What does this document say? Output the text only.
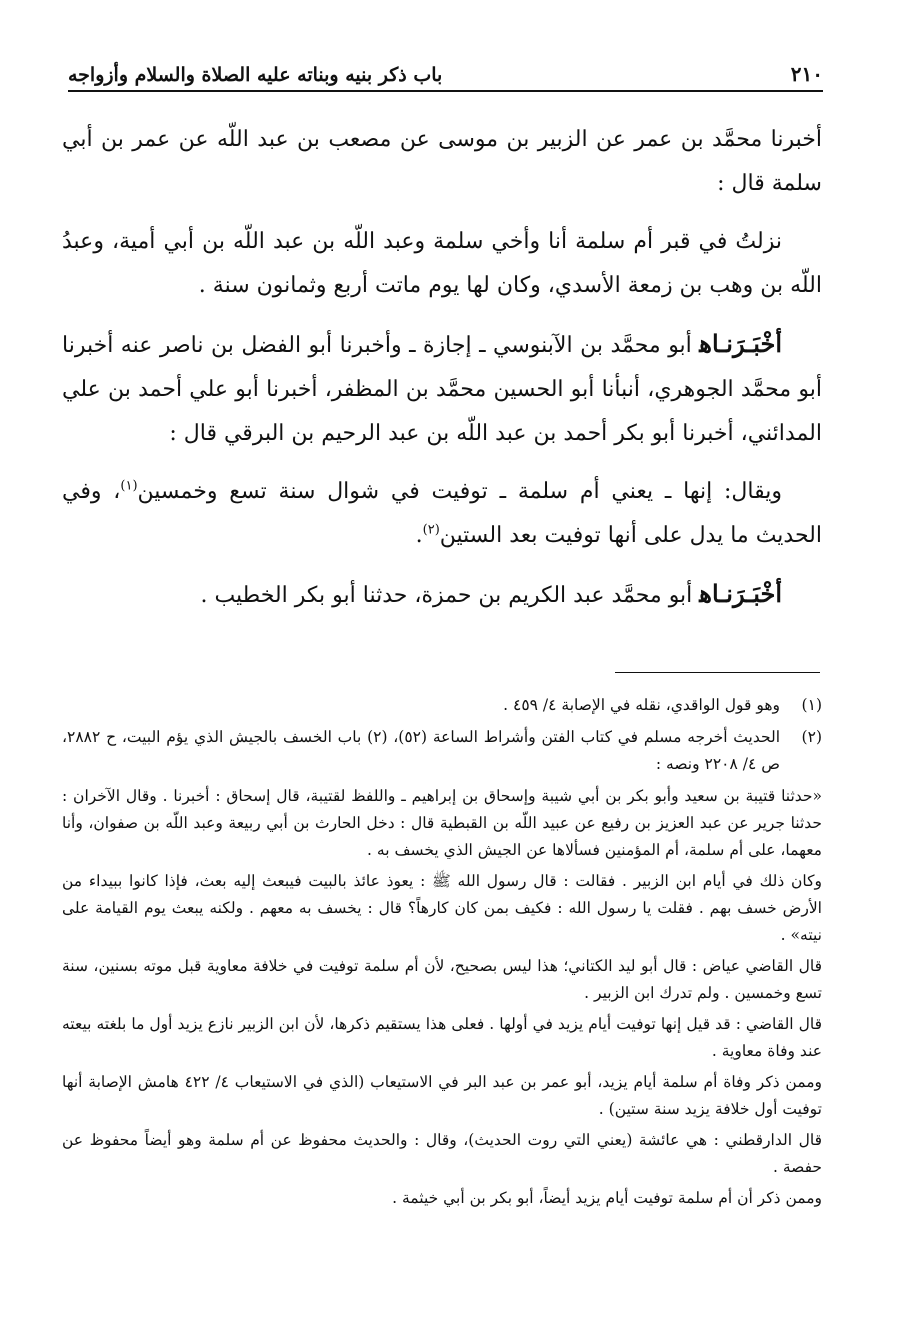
٢١٠
باب ذكر بنيه وبناته عليه الصلاة والسلام وأزواجه

أخبرنا محمَّد بن عمر عن الزبير بن موسى عن مصعب بن عبد اللّه عن عمر بن أبي سلمة قال :

نزلتُ في قبر أم سلمة أنا وأخي سلمة وعبد اللّه بن عبد اللّه بن أبي أمية، وعبدُ اللّه بن وهب بن زمعة الأسدي، وكان لها يوم ماتت أربع وثمانون سنة .

أخْبَـرَنـاﻫ أبو محمَّد بن الآبنوسي ـ إجازة ـ وأخبرنا أبو الفضل بن ناصر عنه أخبرنا أبو محمَّد الجوهري، أنبأنا أبو الحسين محمَّد بن المظفر، أخبرنا أبو علي أحمد بن علي المدائني، أخبرنا أبو بكر أحمد بن عبد اللّه بن عبد الرحيم بن البرقي قال :

ويقال: إنها ـ يعني أم سلمة ـ توفيت في شوال سنة تسع وخمسين$^{(١)}$، وفي الحديث ما يدل على أنها توفيت بعد الستين$^{(٢)}$.

أخْبَـرَنـاﻫ أبو محمَّد عبد الكريم بن حمزة، حدثنا أبو بكر الخطيب .

(١)

وهو قول الواقدي، نقله في الإصابة ٤/ ٤٥٩ .

(٢)

الحديث أخرجه مسلم في كتاب الفتن وأشراط الساعة (٥٢)، (٢) باب الخسف بالجيش الذي يؤم البيت، ح ٢٨٨٢، ص ٤/ ٢٢٠٨ ونصه :

«حدثنا قتيبة بن سعيد وأبو بكر بن أبي شيبة وإسحاق بن إبراهيم ـ واللفظ لقتيبة، قال إسحاق : أخبرنا . وقال الآخران : حدثنا جرير عن عبد العزيز بن رفيع عن عبيد اللّه بن القبطية قال : دخل الحارث بن أبي ربيعة وعبد اللّه بن صفوان، وأنا معهما، على أم سلمة، أم المؤمنين فسألاها عن الجيش الذي يخسف به .

وكان ذلك في أيام ابن الزبير . فقالت : قال رسول الله ﷺ : يعوذ عائذ بالبيت فيبعث إليه بعث، فإذا كانوا ببيداء من الأرض خسف بهم . فقلت يا رسول الله : فكيف بمن كان كارهاً؟ قال : يخسف به معهم . ولكنه يبعث يوم القيامة على نيته» .

قال القاضي عياض : قال أبو ليد الكتاني؛ هذا ليس بصحيح، لأن أم سلمة توفيت في خلافة معاوية قبل موته بسنين، سنة تسع وخمسين . ولم تدرك ابن الزبير .

قال القاضي : قد قيل إنها توفيت أيام يزيد في أولها . فعلى هذا يستقيم ذكرها، لأن ابن الزبير نازع يزيد أول ما بلغته بيعته عند وفاة معاوية .

وممن ذكر وفاة أم سلمة أيام يزيد، أبو عمر بن عبد البر في الاستيعاب (الذي في الاستيعاب ٤/ ٤٢٢ هامش الإصابة أنها توفيت أول خلافة يزيد سنة ستين) .

قال الدارقطني : هي عائشة (يعني التي روت الحديث)، وقال : والحديث محفوظ عن أم سلمة وهو أيضاً محفوظ عن حفصة .

وممن ذكر أن أم سلمة توفيت أيام يزيد أيضاً، أبو بكر بن أبي خيثمة .
